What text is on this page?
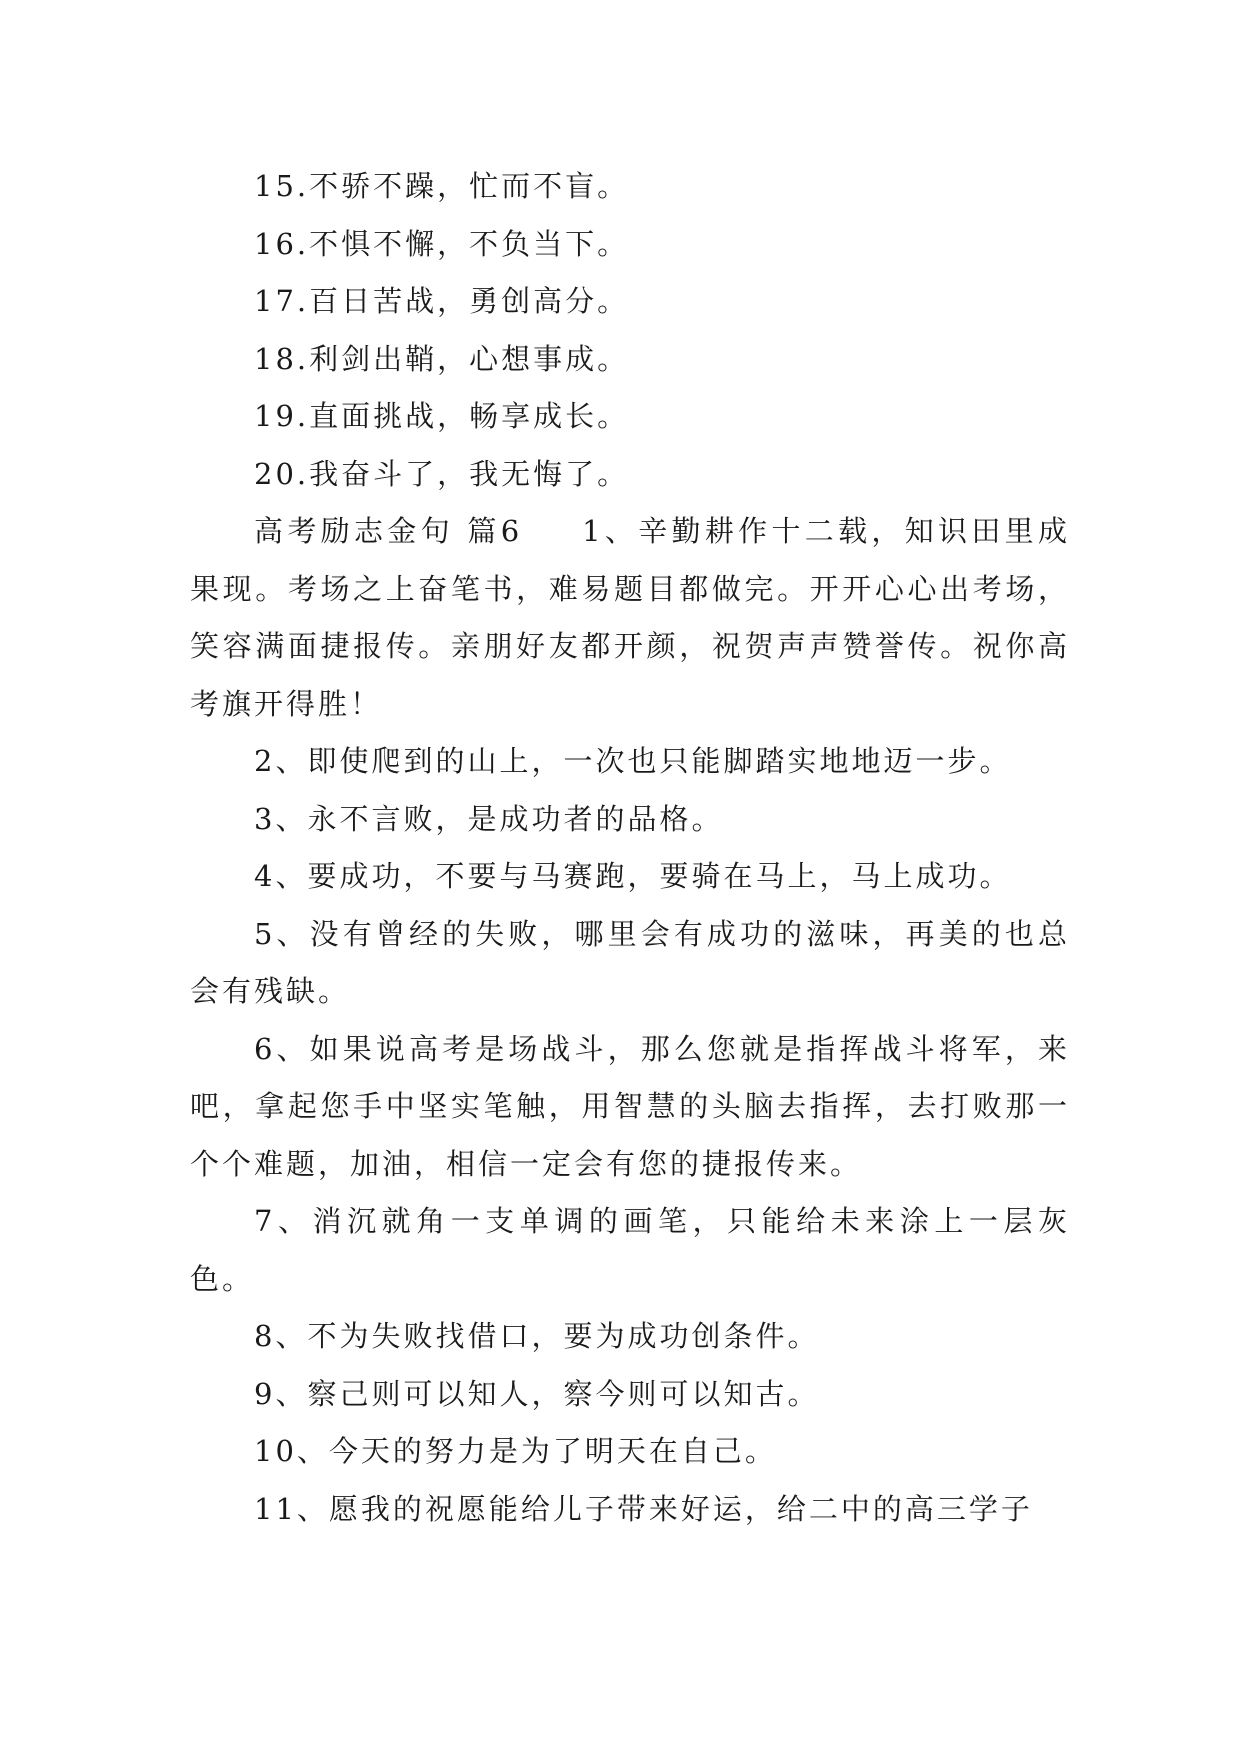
15.不骄不躁，忙而不盲。

16.不惧不懈，不负当下。

17.百日苦战，勇创高分。

18.利剑出鞘，心想事成。

19.直面挑战，畅享成长。

20.我奋斗了，我无悔了。

高考励志金句 篇6 1、辛勤耕作十二载，知识田里成果现。考场之上奋笔书，难易题目都做完。开开心心出考场，笑容满面捷报传。亲朋好友都开颜，祝贺声声赞誉传。祝你高考旗开得胜！

2、即使爬到的山上，一次也只能脚踏实地地迈一步。

3、永不言败，是成功者的品格。

4、要成功，不要与马赛跑，要骑在马上，马上成功。

5、没有曾经的失败，哪里会有成功的滋味，再美的也总会有残缺。

6、如果说高考是场战斗，那么您就是指挥战斗将军，来吧，拿起您手中坚实笔触，用智慧的头脑去指挥，去打败那一个个难题，加油，相信一定会有您的捷报传来。

7、消沉就角一支单调的画笔，只能给未来涂上一层灰色。

8、不为失败找借口，要为成功创条件。

9、察己则可以知人，察今则可以知古。

10、今天的努力是为了明天在自己。

11、愿我的祝愿能给儿子带来好运，给二中的高三学子
